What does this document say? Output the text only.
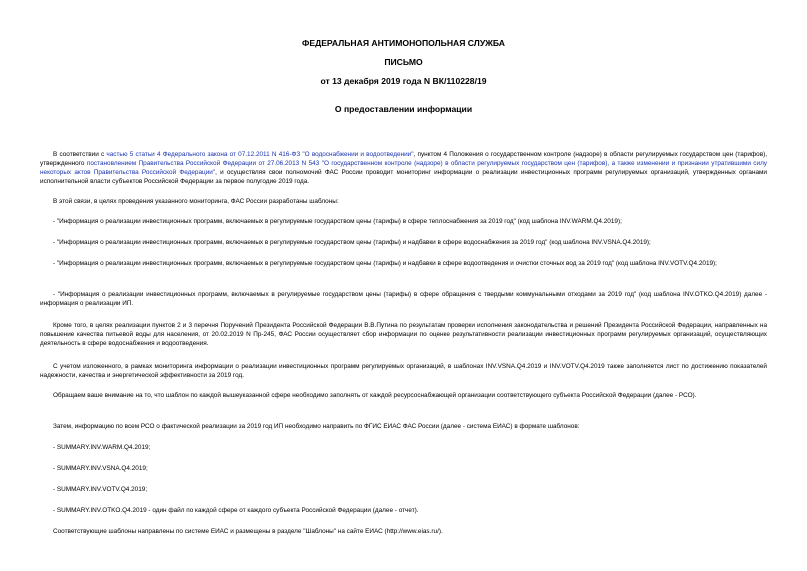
ФЕДЕРАЛЬНАЯ АНТИМОНОПОЛЬНАЯ СЛУЖБА
ПИСЬМО
от 13 декабря 2019 года N ВК/110228/19
О предоставлении информации

В соответствии с частью 5 статьи 4 Федерального закона от 07.12.2011 N 416-ФЗ "О водоснабжении и водоотведении", пунктом 4 Положения о государственном контроле (надзоре) в области регулируемых государством цен (тарифов), утвержденного постановлением Правительства Российской Федерации от 27.06.2013 N 543 "О государственном контроле (надзоре) в области регулируемых государством цен (тарифов), а также изменении и признании утратившими силу некоторых актов Правительства Российской Федерации", и осуществляя свои полномочий ФАС России проводит мониторинг информации о реализации инвестиционных программ регулируемых организаций, утвержденных органами исполнительной власти субъектов Российской Федерации за первое полугодие 2019 года.

В этой связи, в целях проведения указанного мониторинга, ФАС России разработаны шаблоны:

- "Информация о реализации инвестиционных программ, включаемых в регулируемые государством цены (тарифы) в сфере теплоснабжения за 2019 год" (код шаблона INV.WARM.Q4.2019);

- "Информация о реализации инвестиционных программ, включаемых в регулируемые государством цены (тарифы) и надбавки в сфере водоснабжения за 2019 год" (код шаблона INV.VSNA.Q4.2019);

- "Информация о реализации инвестиционных программ, включаемых в регулируемые государством цены (тарифы) и надбавки в сфере водоотведения и очистки сточных вод за 2019 год" (код шаблона INV.VOTV.Q4.2019);

- "Информация о реализации инвестиционных программ, включаемых в регулируемые государством цены (тарифы) в сфере обращения с твердыми коммунальными отходами за 2019 год" (код шаблона INV.OTKO.Q4.2019) далее - информация о реализации ИП.

Кроме того, в целях реализации пунктов 2 и 3 перечня Поручений Президента Российской Федерации В.В.Путина по результатам проверки исполнения законодательства и решений Президента Российской Федерации, направленных на повышение качества питьевой воды для населения, от 20.02.2019 N Пр-245, ФАС России осуществляет сбор информации по оценке результативности реализации инвестиционных программ регулируемых организаций, осуществляющих деятельность в сфере водоснабжения и водоотведения.

С учетом изложенного, в рамках мониторинга информации о реализации инвестиционных программ регулируемых организаций, в шаблонах INV.VSNA.Q4.2019 и INV.VOTV.Q4.2019 также заполняется лист по достижению показателей надежности, качества и энергетической эффективности за 2019 год.

Обращаем ваше внимание на то, что шаблон по каждой вышеуказанной сфере необходимо заполнять от каждой ресурсоснабжающей организации соответствующего субъекта Российской Федерации (далее - РСО).

Затем, информацию по всем РСО о фактической реализации за 2019 год ИП необходимо направить по ФГИС ЕИАС ФАС России (далее - система ЕИАС) в формате шаблонов:

- SUMMARY.INV.WARM.Q4.2019;

- SUMMARY.INV.VSNA.Q4.2019;

- SUMMARY.INV.VOTV.Q4.2019;

- SUMMARY.INV.OTKO.Q4.2019 - один файл по каждой сфере от каждого субъекта Российской Федерации (далее - отчет).

Соответствующие шаблоны направлены по системе ЕИАС и размещены в разделе "Шаблоны" на сайте ЕИАС (http://www.eias.ru/).
